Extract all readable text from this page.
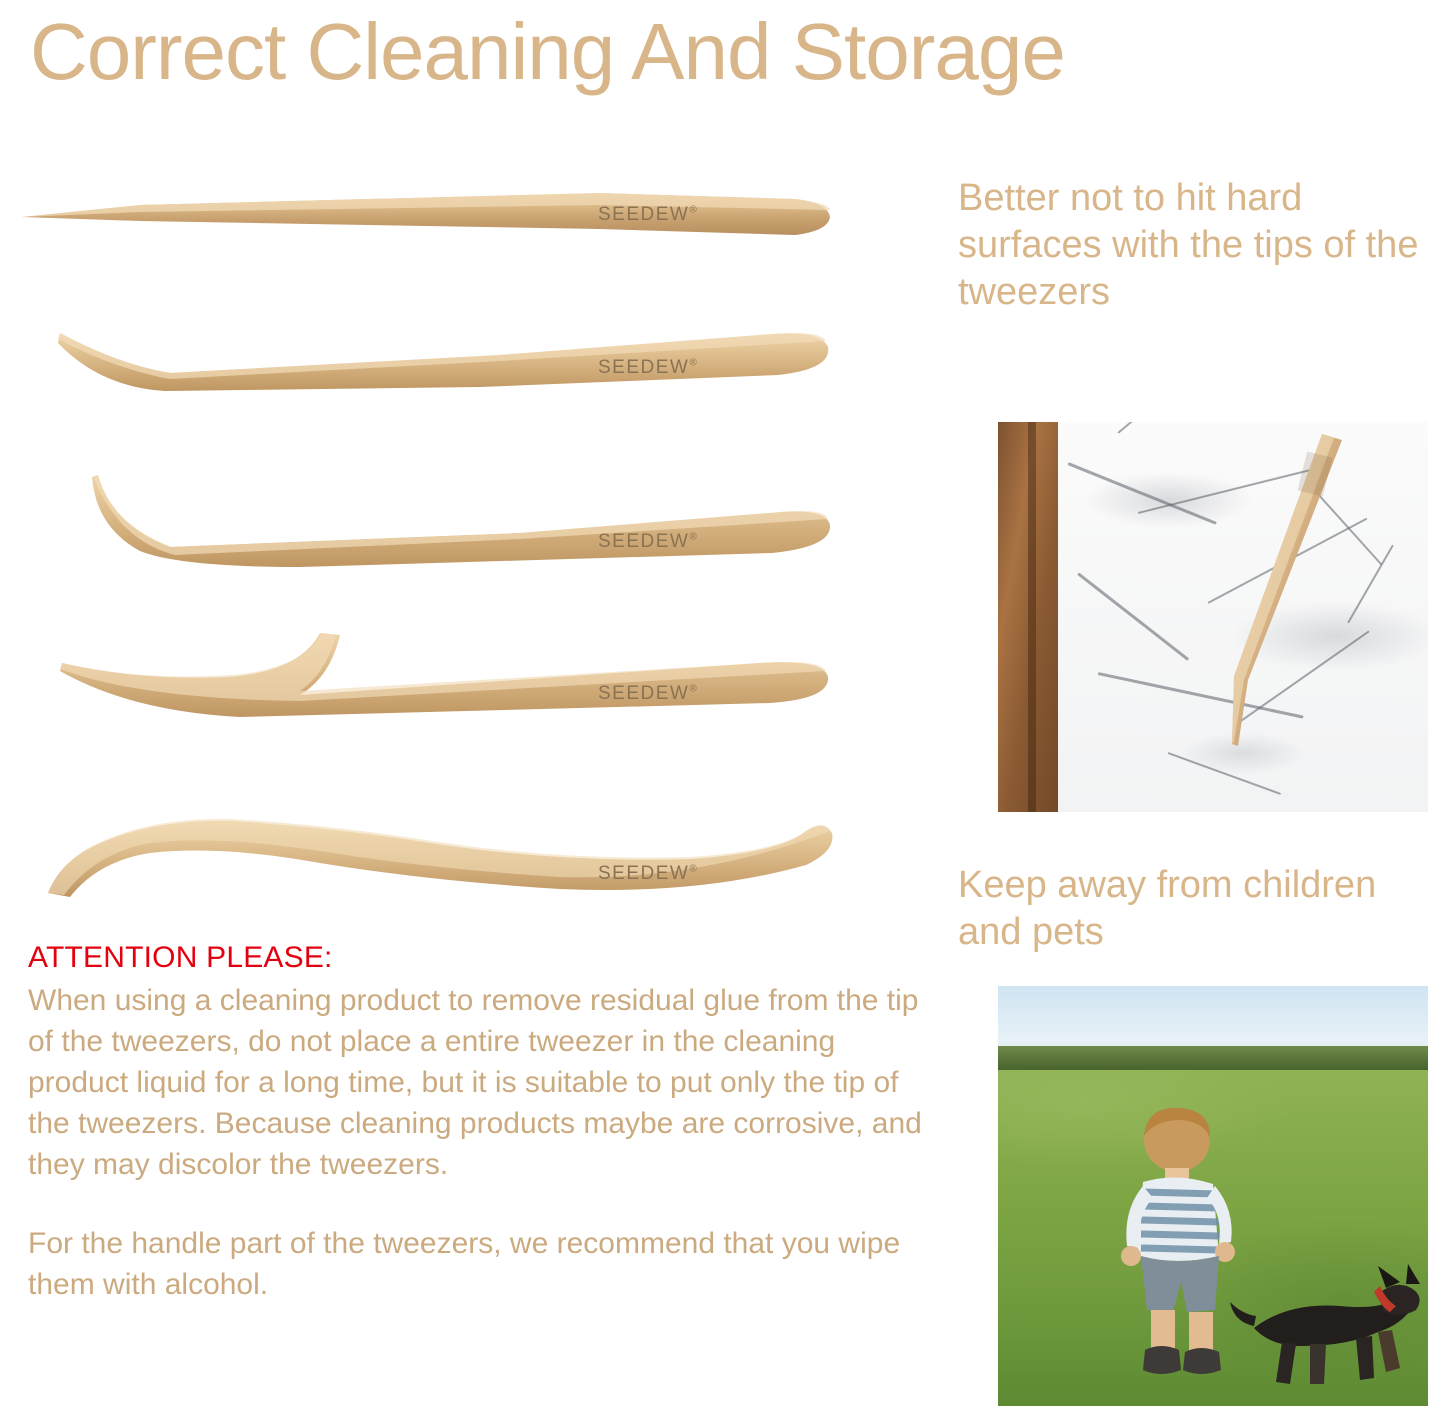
Correct Cleaning And Storage
SEEDEW®
SEEDEW®
SEEDEW®
SEEDEW®
SEEDEW®

ATTENTION PLEASE:

When using a cleaning product to remove residual glue from the tip of the tweezers, do not place a entire tweezer in the cleaning product liquid for a long time, but it is suitable to put only the tip of the tweezers. Because cleaning products maybe are corrosive, and they may discolor the tweezers.

For the handle part of the tweezers, we recommend that you wipe them with alcohol.

Better not to hit hard surfaces with the tips of the tweezers
Keep away from children and pets
